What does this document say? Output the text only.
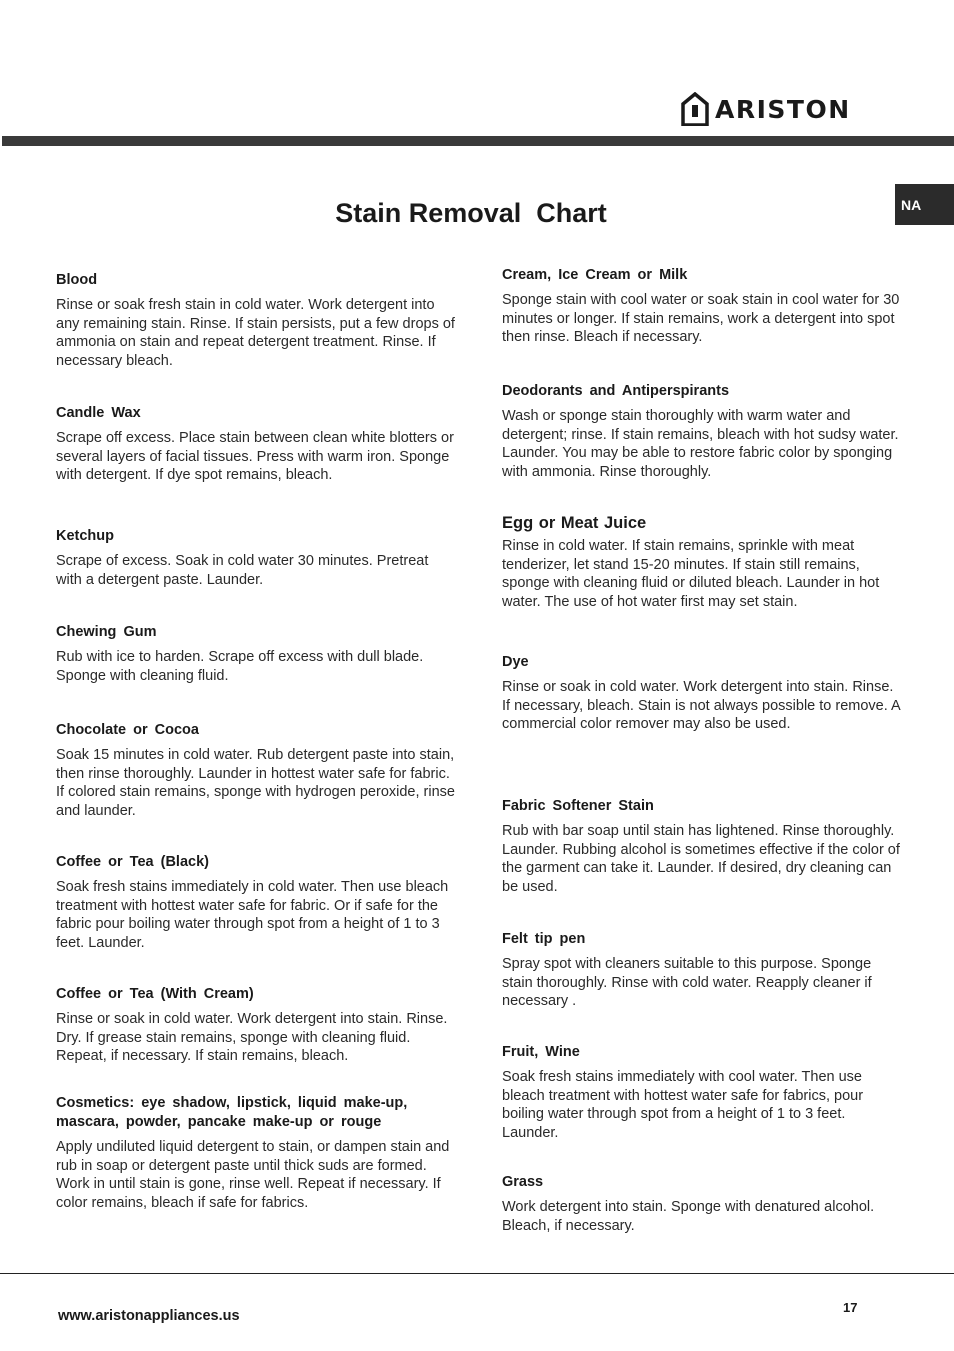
ARISTON
NA
Stain Removal  Chart
Blood

Rinse or soak fresh stain in cold water. Work detergent into any remaining stain. Rinse. If stain persists, put a few drops of ammonia on stain and repeat detergent treatment. Rinse. If necessary bleach.

Candle Wax

Scrape off excess. Place stain between clean white blotters or several layers of facial tissues. Press with warm iron. Sponge with detergent. If dye spot remains, bleach.

Ketchup

Scrape of excess. Soak in cold water 30 minutes. Pretreat with a detergent paste. Launder.

Chewing Gum

Rub with ice to harden. Scrape off excess with dull blade. Sponge with cleaning fluid.

Chocolate or Cocoa

Soak 15 minutes in cold water. Rub detergent paste into stain, then rinse thoroughly. Launder in hottest water safe for fabric. If colored stain remains, sponge with hydrogen peroxide, rinse and launder.

Coffee or Tea (Black)

Soak fresh stains immediately in cold water. Then use bleach treatment with hottest water safe for fabric. Or if safe for the fabric pour boiling water through spot from a height of 1 to 3 feet. Launder.

Coffee or Tea (With Cream)

Rinse or soak in cold water. Work detergent into stain. Rinse. Dry. If grease stain remains, sponge with cleaning fluid. Repeat, if necessary. If stain remains, bleach.

Cosmetics: eye shadow, lipstick, liquid make-up, mascara, powder, pancake make-up or rouge

Apply undiluted liquid detergent to stain, or dampen stain and rub in soap or detergent paste until thick suds are formed. Work in until stain is gone, rinse well. Repeat if necessary. If color remains, bleach if safe for fabrics.

Cream, Ice Cream or Milk

Sponge stain with cool water or soak stain in cool water for 30 minutes or longer. If stain remains, work a detergent into spot then rinse. Bleach if necessary.

Deodorants and Antiperspirants

Wash or sponge stain thoroughly with warm water and detergent; rinse. If stain remains, bleach with hot sudsy water. Launder. You may be able to restore fabric color by sponging with ammonia. Rinse thoroughly.

Egg or Meat Juice

Rinse in cold water. If stain remains, sprinkle with meat tenderizer, let stand 15-20 minutes. If stain still remains, sponge with cleaning fluid or diluted bleach. Launder in hot water. The use of hot water first may set stain.

Dye

Rinse or soak in cold water. Work detergent into stain. Rinse. If necessary, bleach. Stain is not always possible to remove. A commercial color remover may also be used.

Fabric Softener Stain

Rub with bar soap until stain has lightened. Rinse thoroughly. Launder. Rubbing alcohol is sometimes effective if the color of the garment can take it. Launder. If desired, dry cleaning can be used.

Felt tip pen

Spray spot with cleaners suitable to this purpose. Sponge stain thoroughly. Rinse with cold water. Reapply cleaner if necessary .

Fruit, Wine

Soak fresh stains immediately with cool water. Then use bleach treatment with hottest water safe for fabrics, pour boiling water through spot from a height of 1 to 3 feet. Launder.

Grass

Work detergent into stain. Sponge with denatured alcohol. Bleach, if necessary.

www.aristonappliances.us
17
